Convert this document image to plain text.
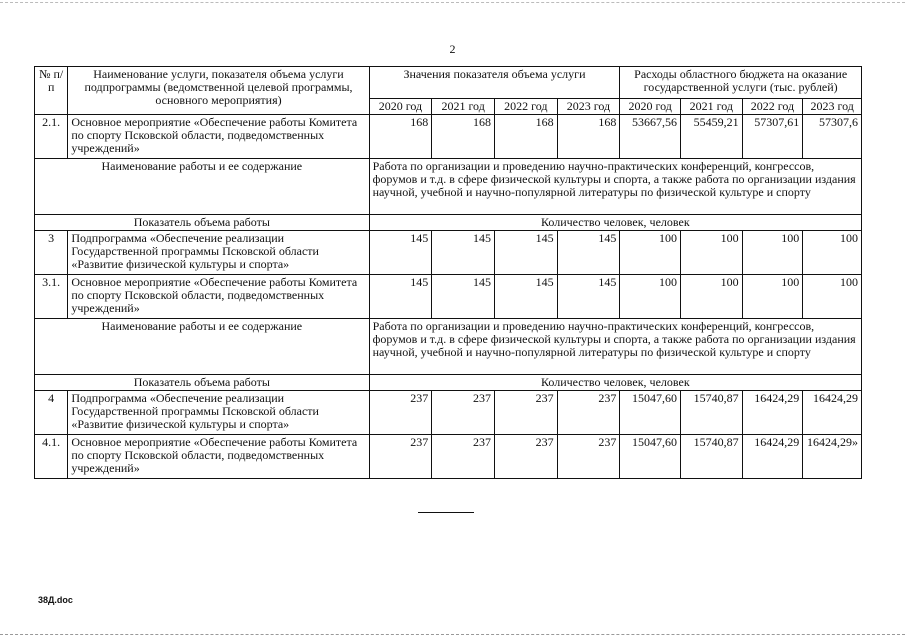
2
№ п/п	Наименование услуги, показателя объема услуги подпрограммы (ведомственной целевой программы, основного мероприятия)	Значения показателя объема услуги				Расходы областного бюджета на оказание государственной услуги (тыс. рублей)			
		2020 год	2021 год	2022 год	2023 год	2020 год	2021 год	2022 год	2023 год
2.1.	Основное мероприятие «Обеспечение работы Комитета по спорту Псковской области, подведомственных учреждений»	168	168	168	168	53667,56	55459,21	57307,61	57307,6
Наименование работы и ее содержание		Работа по организации и проведению научно-практических конференций, конгрессов, форумов и т.д. в сфере физической культуры и спорта, а также работа по организации издания научной, учебной и научно-популярной литературы по физической культуре и спорту							
Показатель объема работы		Количество человек, человек							
3	Подпрограмма «Обеспечение реализации Государственной программы Псковской области «Развитие физической культуры и спорта»	145	145	145	145	100	100	100	100
3.1.	Основное мероприятие «Обеспечение работы Комитета по спорту Псковской области, подведомственных учреждений»	145	145	145	145	100	100	100	100
Наименование работы и ее содержание		Работа по организации и проведению научно-практических конференций, конгрессов, форумов и т.д. в сфере физической культуры и спорта, а также работа по организации издания научной, учебной и научно-популярной литературы по физической культуре и спорту							
Показатель объема работы		Количество человек, человек							
4	Подпрограмма «Обеспечение реализации Государственной программы Псковской области «Развитие физической культуры и спорта»	237	237	237	237	15047,60	15740,87	16424,29	16424,29
4.1.	Основное мероприятие «Обеспечение работы Комитета по спорту Псковской области, подведомственных учреждений»	237	237	237	237	15047,60	15740,87	16424,29	16424,29»
38Д.doc
